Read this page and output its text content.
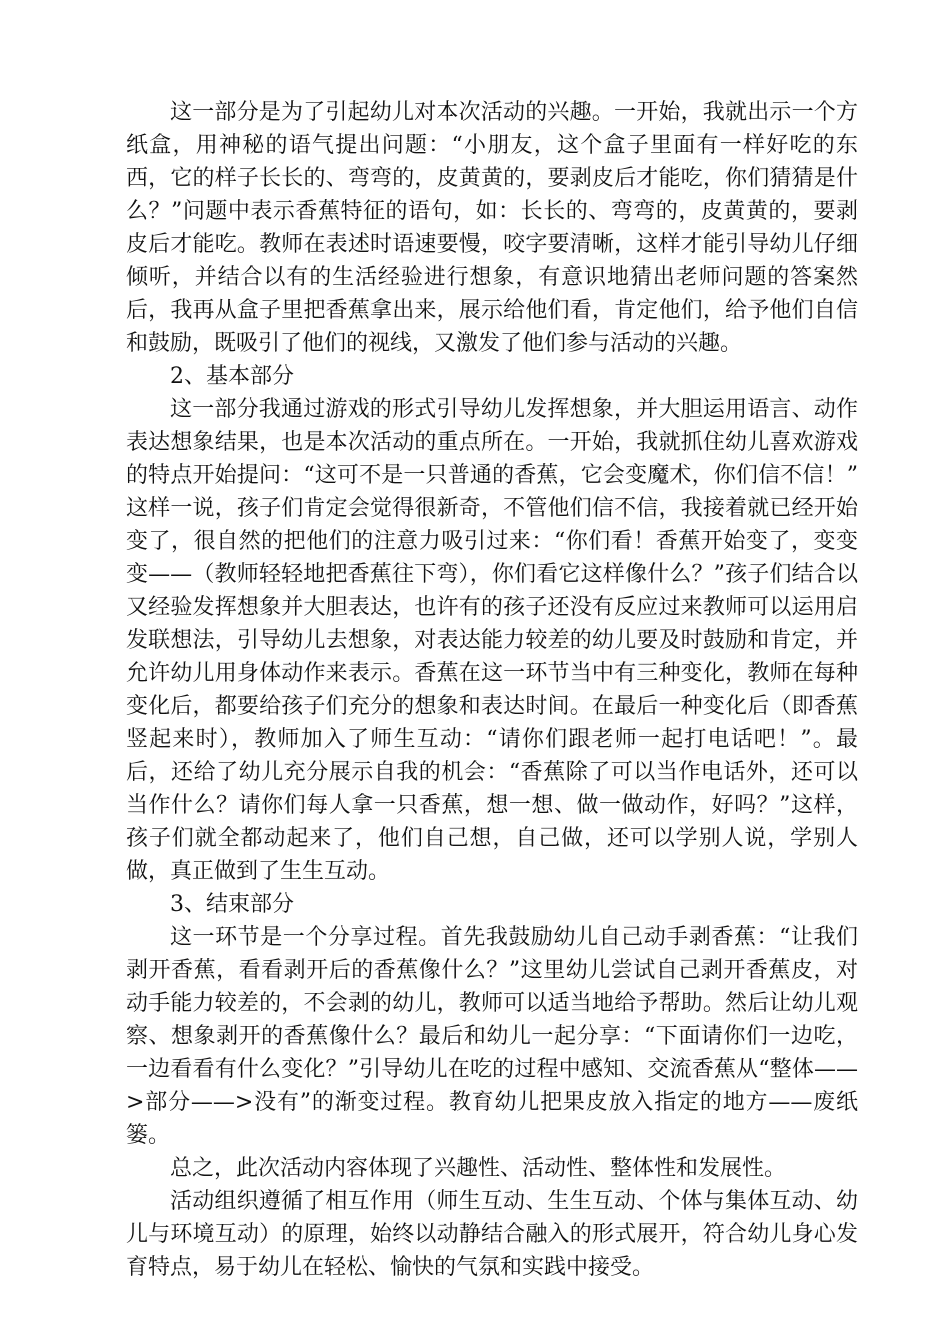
这一部分是为了引起幼儿对本次活动的兴趣。一开始，我就出示一个方纸盒，用神秘的语气提出问题：“小朋友，这个盒子里面有一样好吃的东西，它的样子长长的、弯弯的，皮黄黄的，要剥皮后才能吃，你们猜猜是什么？”问题中表示香蕉特征的语句，如：长长的、弯弯的，皮黄黄的，要剥皮后才能吃。教师在表述时语速要慢，咬字要清晰，这样才能引导幼儿仔细倾听，并结合以有的生活经验进行想象，有意识地猜出老师问题的答案然后，我再从盒子里把香蕉拿出来，展示给他们看，肯定他们，给予他们自信和鼓励，既吸引了他们的视线，又激发了他们参与活动的兴趣。

2、基本部分

这一部分我通过游戏的形式引导幼儿发挥想象，并大胆运用语言、动作表达想象结果，也是本次活动的重点所在。一开始，我就抓住幼儿喜欢游戏的特点开始提问：“这可不是一只普通的香蕉，它会变魔术，你们信不信！” 这样一说，孩子们肯定会觉得很新奇，不管他们信不信，我接着就已经开始变了，很自然的把他们的注意力吸引过来：“你们看！香蕉开始变了，变变变——（教师轻轻地把香蕉往下弯），你们看它这样像什么？”孩子们结合以又经验发挥想象并大胆表达，也许有的孩子还没有反应过来教师可以运用启发联想法，引导幼儿去想象，对表达能力较差的幼儿要及时鼓励和肯定，并允许幼儿用身体动作来表示。香蕉在这一环节当中有三种变化，教师在每种变化后，都要给孩子们充分的想象和表达时间。在最后一种变化后（即香蕉竖起来时），教师加入了师生互动：“请你们跟老师一起打电话吧！”。最后，还给了幼儿充分展示自我的机会：“香蕉除了可以当作电话外，还可以当作什么？请你们每人拿一只香蕉，想一想、做一做动作，好吗？”这样，孩子们就全都动起来了，他们自己想，自己做，还可以学别人说，学别人做，真正做到了生生互动。

3、结束部分

这一环节是一个分享过程。首先我鼓励幼儿自己动手剥香蕉：“让我们剥开香蕉，看看剥开后的香蕉像什么？”这里幼儿尝试自己剥开香蕉皮，对动手能力较差的，不会剥的幼儿，教师可以适当地给予帮助。然后让幼儿观察、想象剥开的香蕉像什么？最后和幼儿一起分享：“下面请你们一边吃，一边看看有什么变化？”引导幼儿在吃的过程中感知、交流香蕉从“整体——>部分——>没有”的渐变过程。教育幼儿把果皮放入指定的地方——废纸篓。

总之，此次活动内容体现了兴趣性、活动性、整体性和发展性。

活动组织遵循了相互作用（师生互动、生生互动、个体与集体互动、幼儿与环境互动）的原理，始终以动静结合融入的形式展开，符合幼儿身心发育特点，易于幼儿在轻松、愉快的气氛和实践中接受。
